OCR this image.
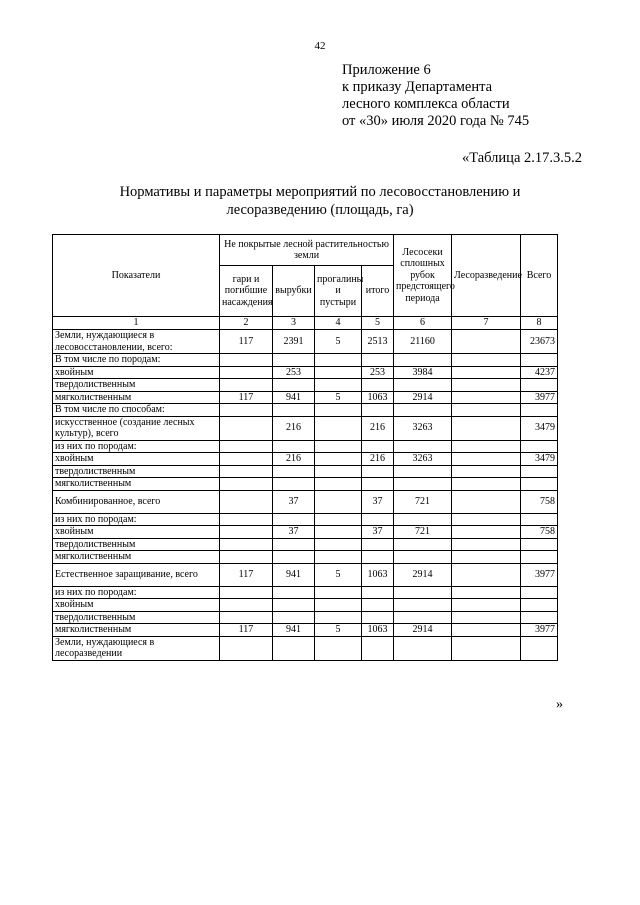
42
Приложение 6
к приказу Департамента
лесного комплекса области
от «30» июля 2020 года № 745
«Таблица 2.17.3.5.2
Нормативы и параметры мероприятий по лесовосстановлению и
лесоразведению (площадь, га)
Показатели	Не покрытые лесной растительностью земли				Лесосеки сплошных рубок предстоящего периода	Лесоразведение	Всего
	гари и погибшие насаждения	вырубки	прогалины и пустыри	итого			
1	2	3	4	5	6	7	8
Земли, нуждающиеся в лесовосстановлении, всего:	117	2391	5	2513	21160		23673
В том числе по породам:							
хвойным		253		253	3984		4237
твердолиственным							
мягколиственным	117	941	5	1063	2914		3977
В том числе по способам:							
искусственное (создание лесных культур), всего		216		216	3263		3479
из них по породам:							
хвойным		216		216	3263		3479
твердолиственным							
мягколиственным							
Комбинированное, всего		37		37	721		758
из них по породам:							
хвойным		37		37	721		758
твердолиственным							
мягколиственным							
Естественное заращивание, всего	117	941	5	1063	2914		3977
из них по породам:							
хвойным							
твердолиственным							
мягколиственным	117	941	5	1063	2914		3977
Земли, нуждающиеся в лесоразведении							
»
